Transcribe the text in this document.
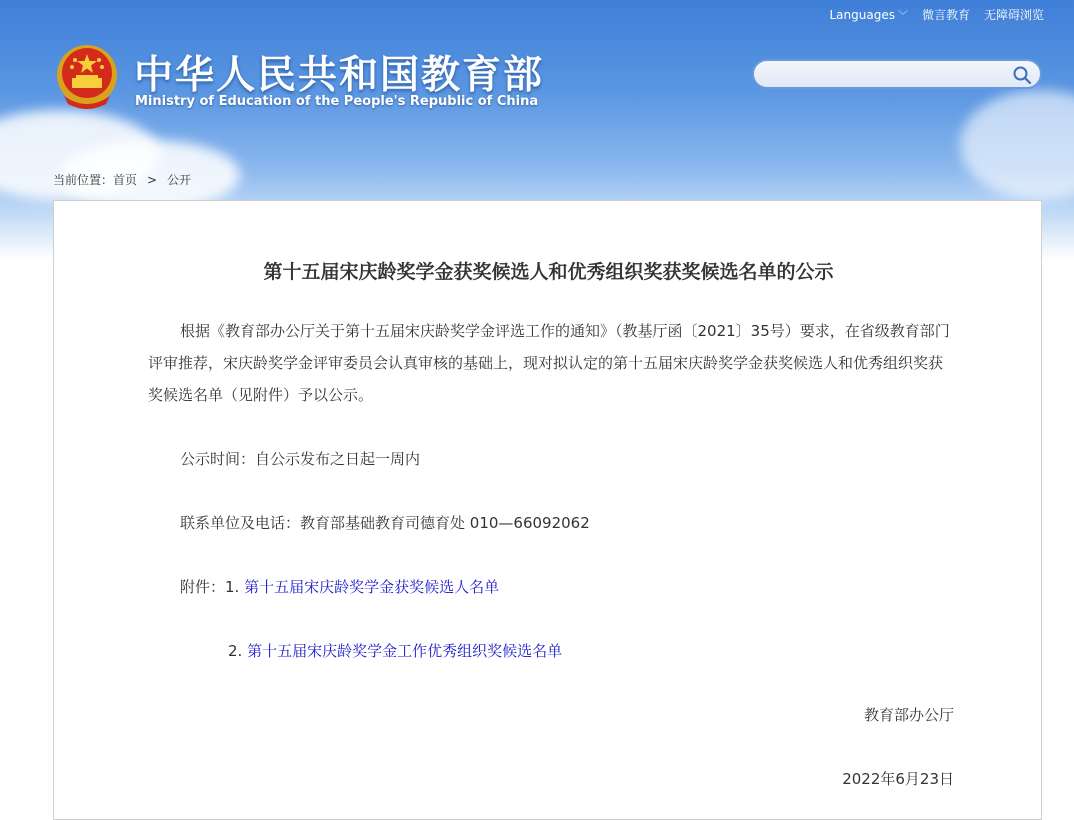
Languages ﹀ 微言教育 无障碍浏览
中华人民共和国教育部
Ministry of Education of the People's Republic of China
当前位置：首页 > 公开
第十五届宋庆龄奖学金获奖候选人和优秀组织奖获奖候选名单的公示
根据《教育部办公厅关于第十五届宋庆龄奖学金评选工作的通知》（教基厅函〔2021〕35号）要求，在省级教育部门评审推荐，宋庆龄奖学金评审委员会认真审核的基础上，现对拟认定的第十五届宋庆龄奖学金获奖候选人和优秀组织奖获奖候选名单（见附件）予以公示。
公示时间：自公示发布之日起一周内
联系单位及电话：教育部基础教育司德育处 010—66092062
附件：1. 第十五届宋庆龄奖学金获奖候选人名单
2. 第十五届宋庆龄奖学金工作优秀组织奖候选名单
教育部办公厅
2022年6月23日
